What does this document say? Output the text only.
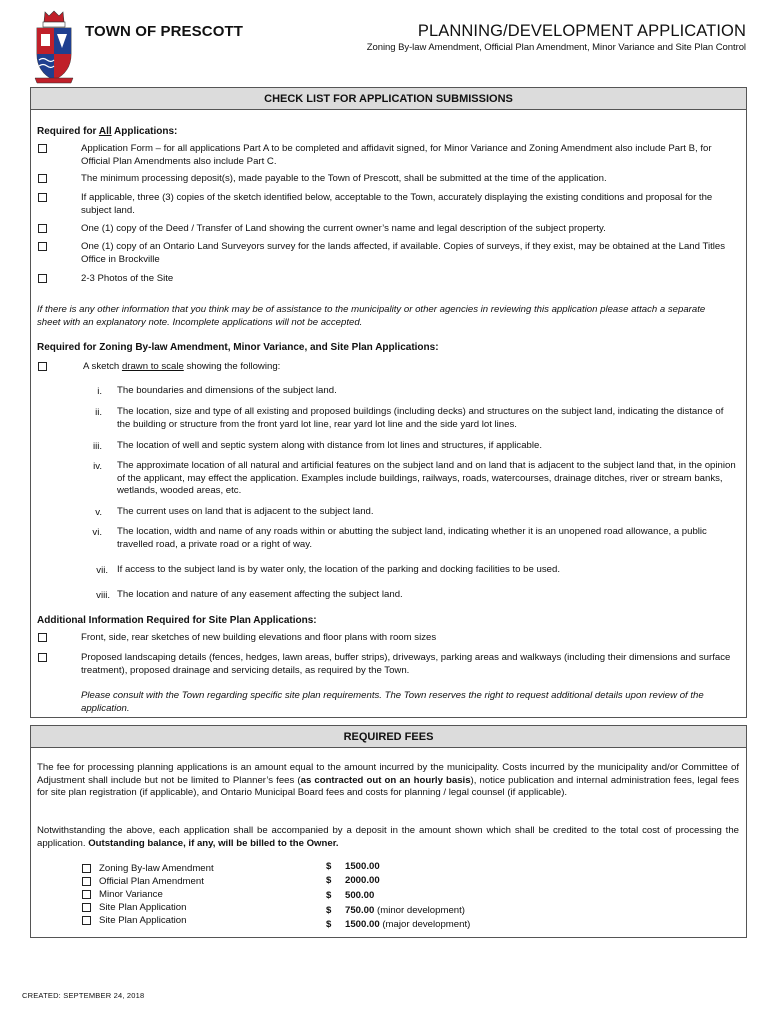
TOWN OF PRESCOTT	PLANNING/DEVELOPMENT APPLICATION
Zoning By-law Amendment, Official Plan Amendment, Minor Variance and Site Plan Control
CHECK LIST FOR APPLICATION SUBMISSIONS
Required for All Applications:
Application Form – for all applications Part A to be completed and affidavit signed, for Minor Variance and Zoning Amendment also include Part B, for Official Plan Amendments also include Part C.
The minimum processing deposit(s), made payable to the Town of Prescott, shall be submitted at the time of the application.
If applicable, three (3) copies of the sketch identified below, acceptable to the Town, accurately displaying the existing conditions and proposal for the subject land.
One (1) copy of the Deed / Transfer of Land showing the current owner’s name and legal description of the subject property.
One (1) copy of an Ontario Land Surveyors survey for the lands affected, if available. Copies of surveys, if they exist, may be obtained at the Land Titles Office in Brockville
2-3 Photos of the Site
If there is any other information that you think may be of assistance to the municipality or other agencies in reviewing this application please attach a separate sheet with an explanatory note. Incomplete applications will not be accepted.
Required for Zoning By-law Amendment, Minor Variance, and Site Plan Applications:
A sketch drawn to scale showing the following:
i. The boundaries and dimensions of the subject land.
ii. The location, size and type of all existing and proposed buildings (including decks) and structures on the subject land, indicating the distance of the building or structure from the front yard lot line, rear yard lot line and the side yard lot lines.
iii. The location of well and septic system along with distance from lot lines and structures, if applicable.
iv. The approximate location of all natural and artificial features on the subject land and on land that is adjacent to the subject land that, in the opinion of the applicant, may effect the application. Examples include buildings, railways, roads, watercourses, drainage ditches, river or stream banks, wetlands, wooded areas, etc.
v. The current uses on land that is adjacent to the subject land.
vi. The location, width and name of any roads within or abutting the subject land, indicating whether it is an unopened road allowance, a public travelled road, a private road or a right of way.
vii. If access to the subject land is by water only, the location of the parking and docking facilities to be used.
viii. The location and nature of any easement affecting the subject land.
Additional Information Required for Site Plan Applications:
Front, side, rear sketches of new building elevations and floor plans with room sizes
Proposed landscaping details (fences, hedges, lawn areas, buffer strips), driveways, parking areas and walkways (including their dimensions and surface treatment), proposed drainage and servicing details, as required by the Town.
Please consult with the Town regarding specific site plan requirements. The Town reserves the right to request additional details upon review of the application.
REQUIRED FEES
The fee for processing planning applications is an amount equal to the amount incurred by the municipality. Costs incurred by the municipality and/or Committee of Adjustment shall include but not be limited to Planner’s fees (as contracted out on an hourly basis), notice publication and internal administration fees, legal fees for site plan registration (if applicable), and Ontario Municipal Board fees and costs for planning / legal counsel (if applicable).
Notwithstanding the above, each application shall be accompanied by a deposit in the amount shown which shall be credited to the total cost of processing the application. Outstanding balance, if any, will be billed to the Owner.
Zoning By-law Amendment	$ 1500.00
Official Plan Amendment	$ 2000.00
Minor Variance	$ 500.00
Site Plan Application	$ 750.00 (minor development)
Site Plan Application	$ 1500.00 (major development)
CREATED: SEPTEMBER 24, 2018
